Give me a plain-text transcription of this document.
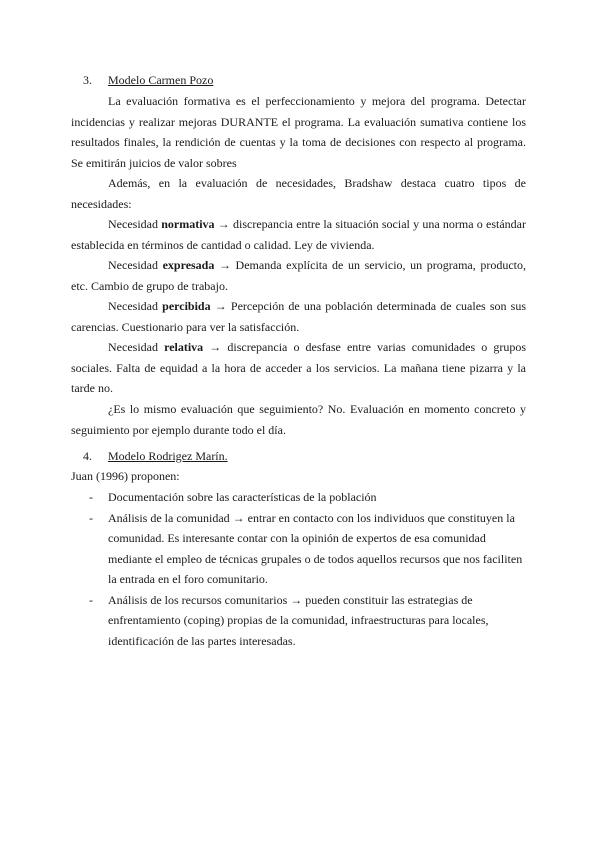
3. Modelo Carmen Pozo

La evaluación formativa es el perfeccionamiento y mejora del programa. Detectar incidencias y realizar mejoras DURANTE el programa. La evaluación sumativa contiene los resultados finales, la rendición de cuentas y la toma de decisiones con respecto al programa. Se emitirán juicios de valor sobres

Además, en la evaluación de necesidades, Bradshaw destaca cuatro tipos de necesidades:

Necesidad normativa → discrepancia entre la situación social y una norma o estándar establecida en términos de cantidad o calidad. Ley de vivienda.

Necesidad expresada → Demanda explícita de un servicio, un programa, producto, etc. Cambio de grupo de trabajo.

Necesidad percibida → Percepción de una población determinada de cuales son sus carencias. Cuestionario para ver la satisfacción.

Necesidad relativa → discrepancia o desfase entre varias comunidades o grupos sociales. Falta de equidad a la hora de acceder a los servicios. La mañana tiene pizarra y la tarde no.

¿Es lo mismo evaluación que seguimiento? No. Evaluación en momento concreto y seguimiento por ejemplo durante todo el día.

4. Modelo Rodrigez Marín.

Juan (1996) proponen:

- Documentación sobre las características de la población
- Análisis de la comunidad → entrar en contacto con los individuos que constituyen la comunidad. Es interesante contar con la opinión de expertos de esa comunidad mediante el empleo de técnicas grupales o de todos aquellos recursos que nos faciliten la entrada en el foro comunitario.
- Análisis de los recursos comunitarios → pueden constituir las estrategias de enfrentamiento (coping) propias de la comunidad, infraestructuras para locales, identificación de las partes interesadas.
